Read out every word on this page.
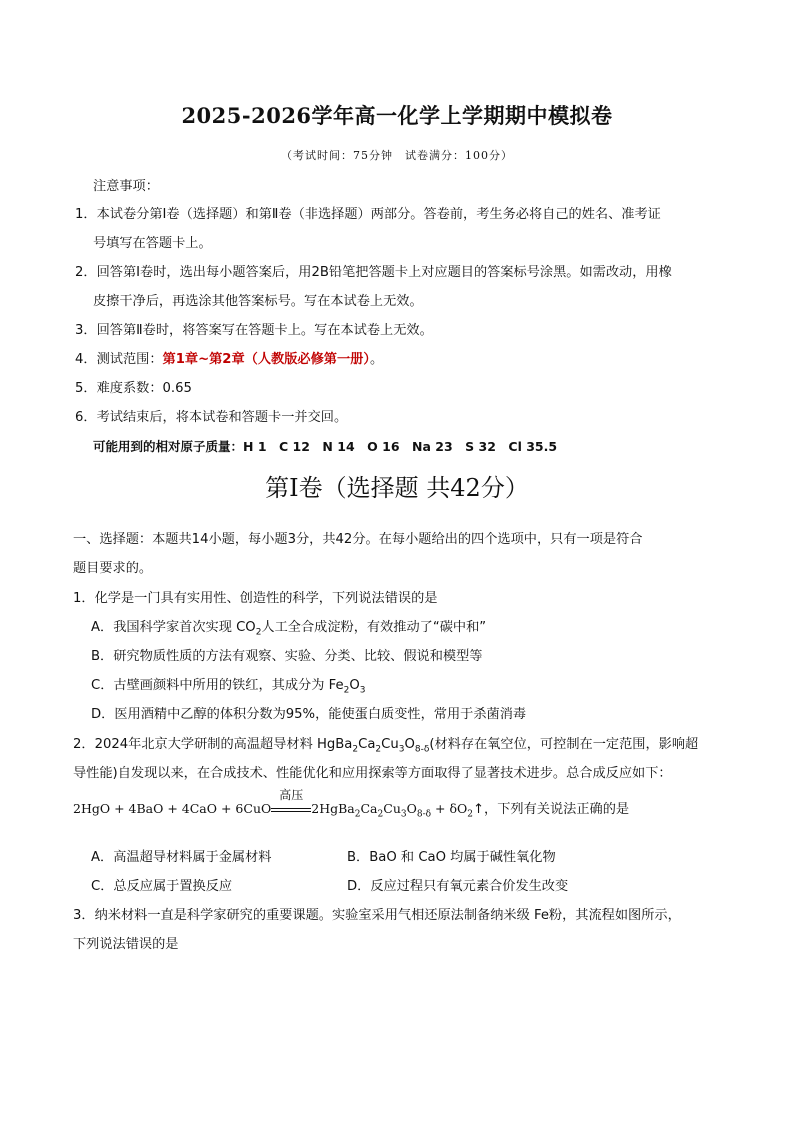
2025-2026学年高一化学上学期期中模拟卷
（考试时间：75分钟　试卷满分：100分）
注意事项：
1．本试卷分第Ⅰ卷（选择题）和第Ⅱ卷（非选择题）两部分。答卷前，考生务必将自己的姓名、准考证
号填写在答题卡上。
2．回答第Ⅰ卷时，选出每小题答案后，用2B铅笔把答题卡上对应题目的答案标号涂黑。如需改动，用橡
皮擦干净后，再选涂其他答案标号。写在本试卷上无效。
3．回答第Ⅱ卷时，将答案写在答题卡上。写在本试卷上无效。
4．测试范围：第1章~第2章（人教版必修第一册）。
5．难度系数：0.65
6．考试结束后，将本试卷和答题卡一并交回。
可能用到的相对原子质量：H 1　C 12　N 14　O 16　Na 23　S 32　Cl 35.5
第Ⅰ卷（选择题 共42分）
一、选择题：本题共14小题，每小题3分，共42分。在每小题给出的四个选项中，只有一项是符合
题目要求的。
1．化学是一门具有实用性、创造性的科学，下列说法错误的是
A．我国科学家首次实现 $CO_2$人工全合成淀粉，有效推动了“碳中和”
B．研究物质性质的方法有观察、实验、分类、比较、假说和模型等
C．古壁画颜料中所用的铁红，其成分为 $Fe_2O_3$
D．医用酒精中乙醇的体积分数为95%，能使蛋白质变性，常用于杀菌消毒
2．2024年北京大学研制的高温超导材料 $HgBa_2Ca_2Cu_3O_{8-\delta}$(材料存在氧空位，可控制在一定范围，影响超
导性能)自发现以来，在合成技术、性能优化和应用探索等方面取得了显著技术进步。总合成反应如下：
2HgO + 4BaO + 4CaO + 6CuO
高压
$2HgBa_2Ca_2Cu_3O_{8-\delta}$ + $\delta O_2↑$，下列有关说法正确的是
A．高温超导材料属于金属材料	B．BaO 和 CaO 均属于碱性氧化物
C．总反应属于置换反应	D．反应过程只有氧元素合价发生改变
3．纳米材料一直是科学家研究的重要课题。实验室采用气相还原法制备纳米级 Fe粉，其流程如图所示，
下列说法错误的是
